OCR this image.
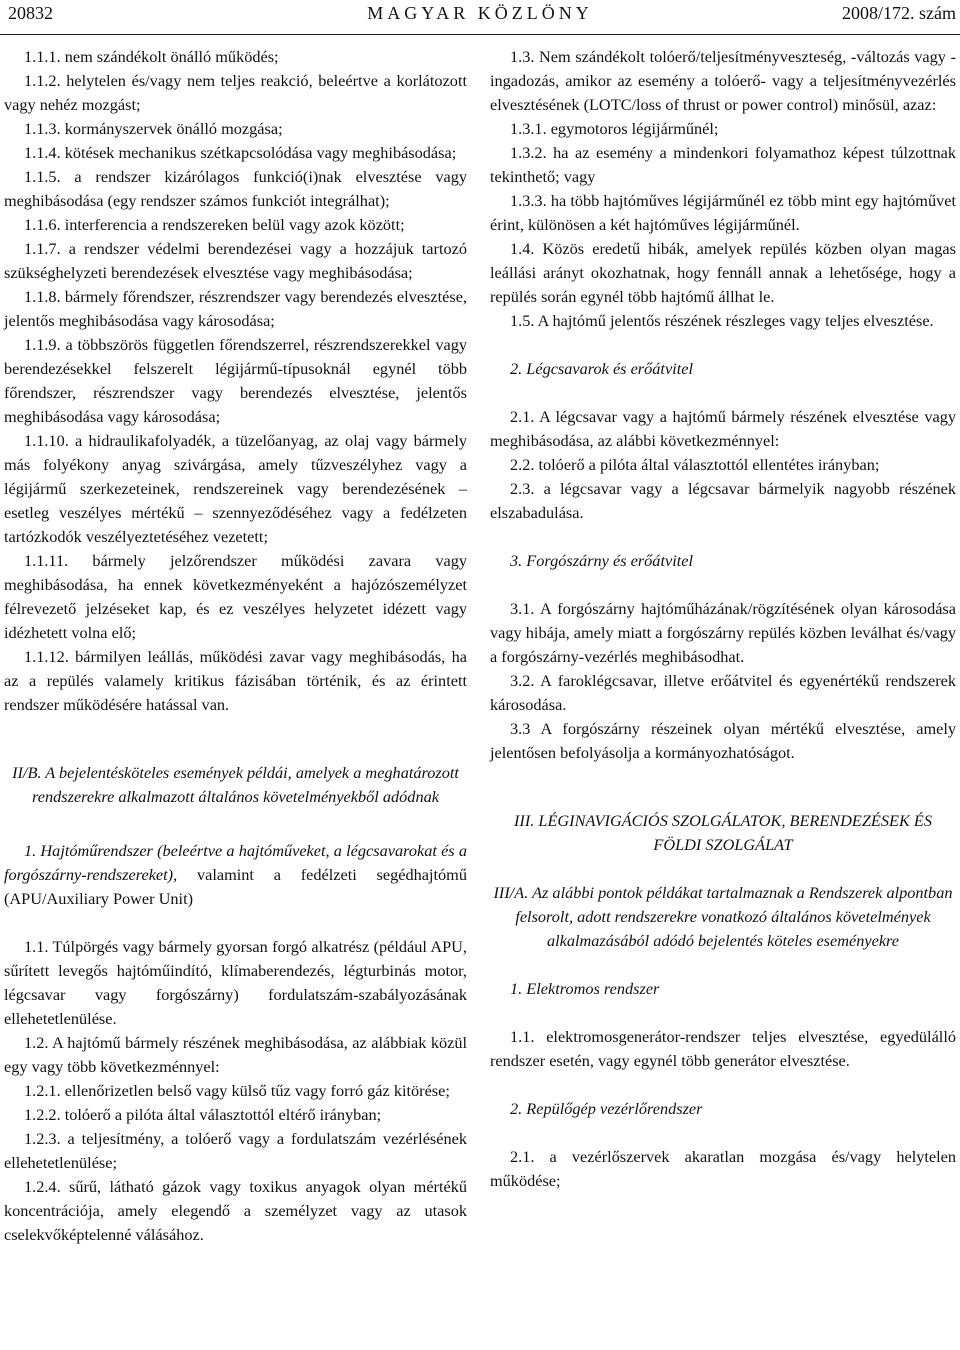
20832	MAGYAR KÖZLÖNY	2008/172. szám

1.1.1. nem szándékolt önálló működés;

1.1.2. helytelen és/vagy nem teljes reakció, beleértve a korlátozott vagy nehéz mozgást;

1.1.3. kormányszervek önálló mozgása;

1.1.4. kötések mechanikus szétkapcsolódása vagy meghibásodása;

1.1.5. a rendszer kizárólagos funkció(i)nak elvesztése vagy meghibásodása (egy rendszer számos funkciót integrálhat);

1.1.6. interferencia a rendszereken belül vagy azok között;

1.1.7. a rendszer védelmi berendezései vagy a hozzájuk tartozó szükséghelyzeti berendezések elvesztése vagy meghibásodása;

1.1.8. bármely főrendszer, részrendszer vagy berendezés elvesztése, jelentős meghibásodása vagy károsodása;

1.1.9. a többszörös független főrendszerrel, részrendszerekkel vagy berendezésekkel felszerelt légijármű-típusoknál egynél több főrendszer, részrendszer vagy berendezés elvesztése, jelentős meghibásodása vagy károsodása;

1.1.10. a hidraulikafolyadék, a tüzelőanyag, az olaj vagy bármely más folyékony anyag szivárgása, amely tűzveszélyhez vagy a légijármű szerkezeteinek, rendszereinek vagy berendezésének – esetleg veszélyes mértékű – szennyeződéséhez vagy a fedélzeten tartózkodók veszélyeztetéséhez vezetett;

1.1.11. bármely jelzőrendszer működési zavara vagy meghibásodása, ha ennek következményeként a hajózószemélyzet félrevezető jelzéseket kap, és ez veszélyes helyzetet idézett vagy idézhetett volna elő;

1.1.12. bármilyen leállás, működési zavar vagy meghibásodás, ha az a repülés valamely kritikus fázisában történik, és az érintett rendszer működésére hatással van.

II/B. A bejelentésköteles események példái, amelyek a meghatározott rendszerekre alkalmazott általános követelményekből adódnak

1. Hajtóműrendszer (beleértve a hajtóműveket, a légcsavarokat és a forgószárny-rendszereket), valamint a fedélzeti segédhajtómű (APU/Auxiliary Power Unit)

1.1. Túlpörgés vagy bármely gyorsan forgó alkatrész (például APU, sűrített levegős hajtóműindító, klímaberendezés, légturbinás motor, légcsavar vagy forgószárny) fordulatszám-szabályozásának ellehetetlenülése.

1.2. A hajtómű bármely részének meghibásodása, az alábbiak közül egy vagy több következménnyel:

1.2.1. ellenőrizetlen belső vagy külső tűz vagy forró gáz kitörése;

1.2.2. tolóerő a pilóta által választottól eltérő irányban;

1.2.3. a teljesítmény, a tolóerő vagy a fordulatszám vezérlésének ellehetetlenülése;

1.2.4. sűrű, látható gázok vagy toxikus anyagok olyan mértékű koncentrációja, amely elegendő a személyzet vagy az utasok cselekvőképtelenné válásához.

1.3. Nem szándékolt tolóerő/teljesítményveszteség, -változás vagy -ingadozás, amikor az esemény a tolóerő- vagy a teljesítményvezérlés elvesztésének (LOTC/loss of thrust or power control) minősül, azaz:

1.3.1. egymotoros légijárműnél;

1.3.2. ha az esemény a mindenkori folyamathoz képest túlzottnak tekinthető; vagy

1.3.3. ha több hajtóműves légijárműnél ez több mint egy hajtóművet érint, különösen a két hajtóműves légijárműnél.

1.4. Közös eredetű hibák, amelyek repülés közben olyan magas leállási arányt okozhatnak, hogy fennáll annak a lehetősége, hogy a repülés során egynél több hajtómű állhat le.

1.5. A hajtómű jelentős részének részleges vagy teljes elvesztése.

2. Légcsavarok és erőátvitel

2.1. A légcsavar vagy a hajtómű bármely részének elvesztése vagy meghibásodása, az alábbi következménnyel:

2.2. tolóerő a pilóta által választottól ellentétes irányban;

2.3. a légcsavar vagy a légcsavar bármelyik nagyobb részének elszabadulása.

3. Forgószárny és erőátvitel

3.1. A forgószárny hajtóműházának/rögzítésének olyan károsodása vagy hibája, amely miatt a forgószárny repülés közben leválhat és/vagy a forgószárny-vezérlés meghibásodhat.

3.2. A faroklégcsavar, illetve erőátvitel és egyenértékű rendszerek károsodása.

3.3 A forgószárny részeinek olyan mértékű elvesztése, amely jelentősen befolyásolja a kormányozhatóságot.

III. LÉGINAVIGÁCIÓS SZOLGÁLATOK, BERENDEZÉSEK ÉS FÖLDI SZOLGÁLAT

III/A. Az alábbi pontok példákat tartalmaznak a Rendszerek alpontban felsorolt, adott rendszerekre vonatkozó általános követelmények alkalmazásából adódó bejelentés köteles eseményekre

1. Elektromos rendszer

1.1. elektromosgenerátor-rendszer teljes elvesztése, egyedülálló rendszer esetén, vagy egynél több generátor elvesztése.

2. Repülőgép vezérlőrendszer

2.1. a vezérlőszervek akaratlan mozgása és/vagy helytelen működése;
